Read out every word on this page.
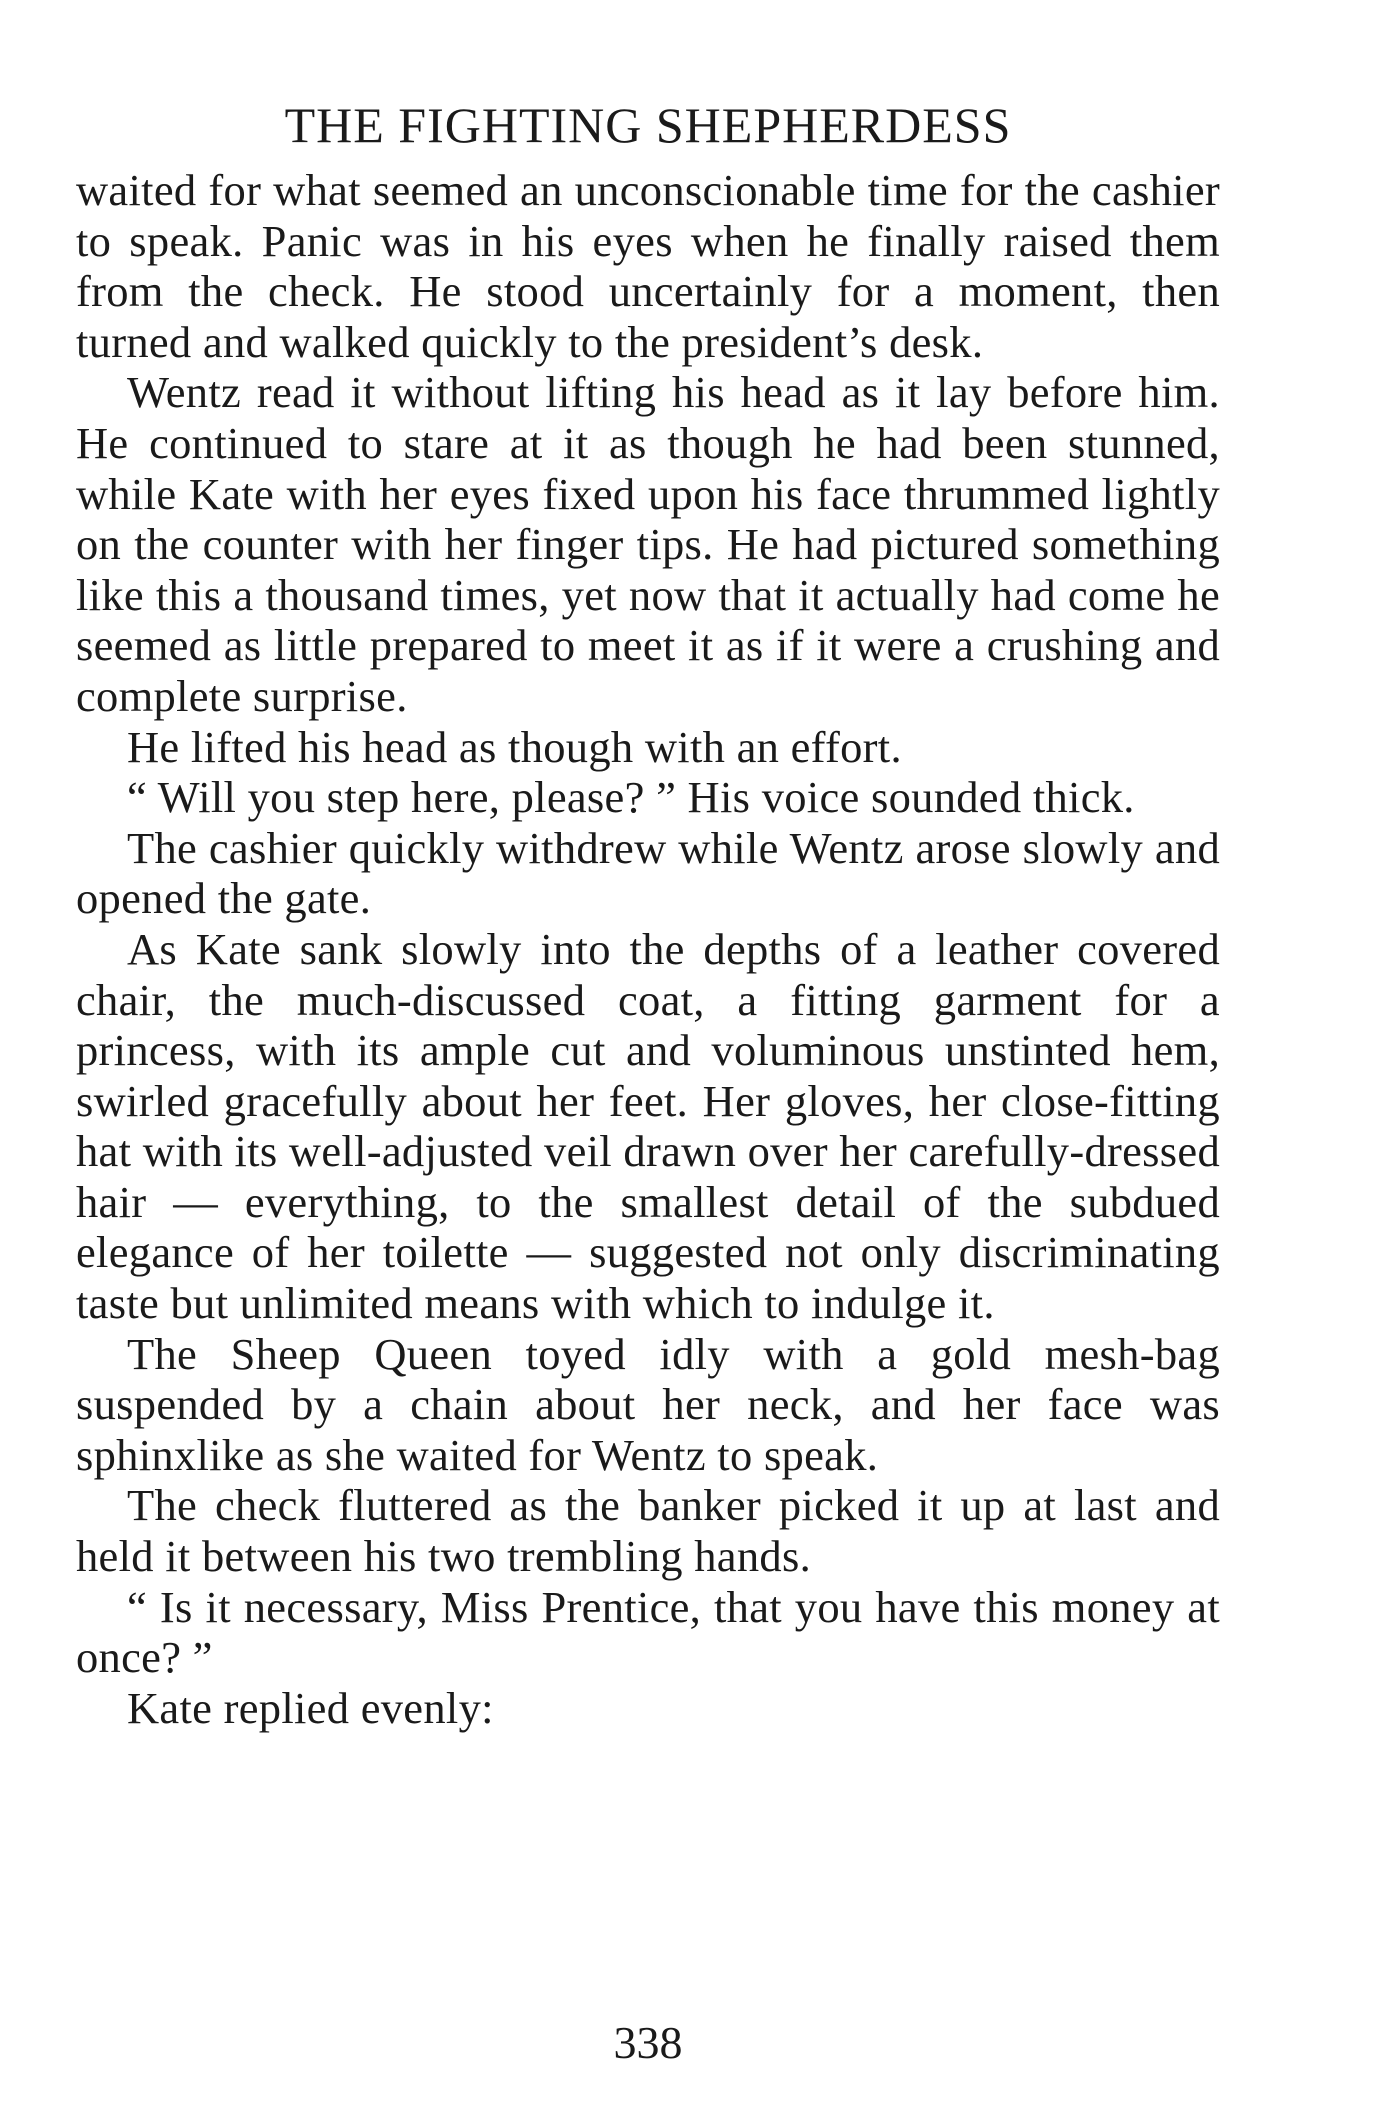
THE FIGHTING SHEPHERDESS

waited for what seemed an unconscionable time for the cashier to speak. Panic was in his eyes when he finally raised them from the check. He stood uncertainly for a moment, then turned and walked quickly to the president’s desk.

Wentz read it without lifting his head as it lay before him. He continued to stare at it as though he had been stunned, while Kate with her eyes fixed upon his face thrummed lightly on the counter with her finger tips. He had pictured something like this a thousand times, yet now that it actually had come he seemed as little prepared to meet it as if it were a crushing and complete surprise.

He lifted his head as though with an effort.

“ Will you step here, please? ” His voice sounded thick.

The cashier quickly withdrew while Wentz arose slowly and opened the gate.

As Kate sank slowly into the depths of a leather covered chair, the much-discussed coat, a fitting garment for a princess, with its ample cut and voluminous unstinted hem, swirled gracefully about her feet. Her gloves, her close-fitting hat with its well-adjusted veil drawn over her carefully-dressed hair — everything, to the smallest detail of the subdued elegance of her toilette — suggested not only discriminating taste but unlimited means with which to indulge it.

The Sheep Queen toyed idly with a gold mesh-bag suspended by a chain about her neck, and her face was sphinxlike as she waited for Wentz to speak.

The check fluttered as the banker picked it up at last and held it between his two trembling hands.

“ Is it necessary, Miss Prentice, that you have this money at once? ”

Kate replied evenly:

338
